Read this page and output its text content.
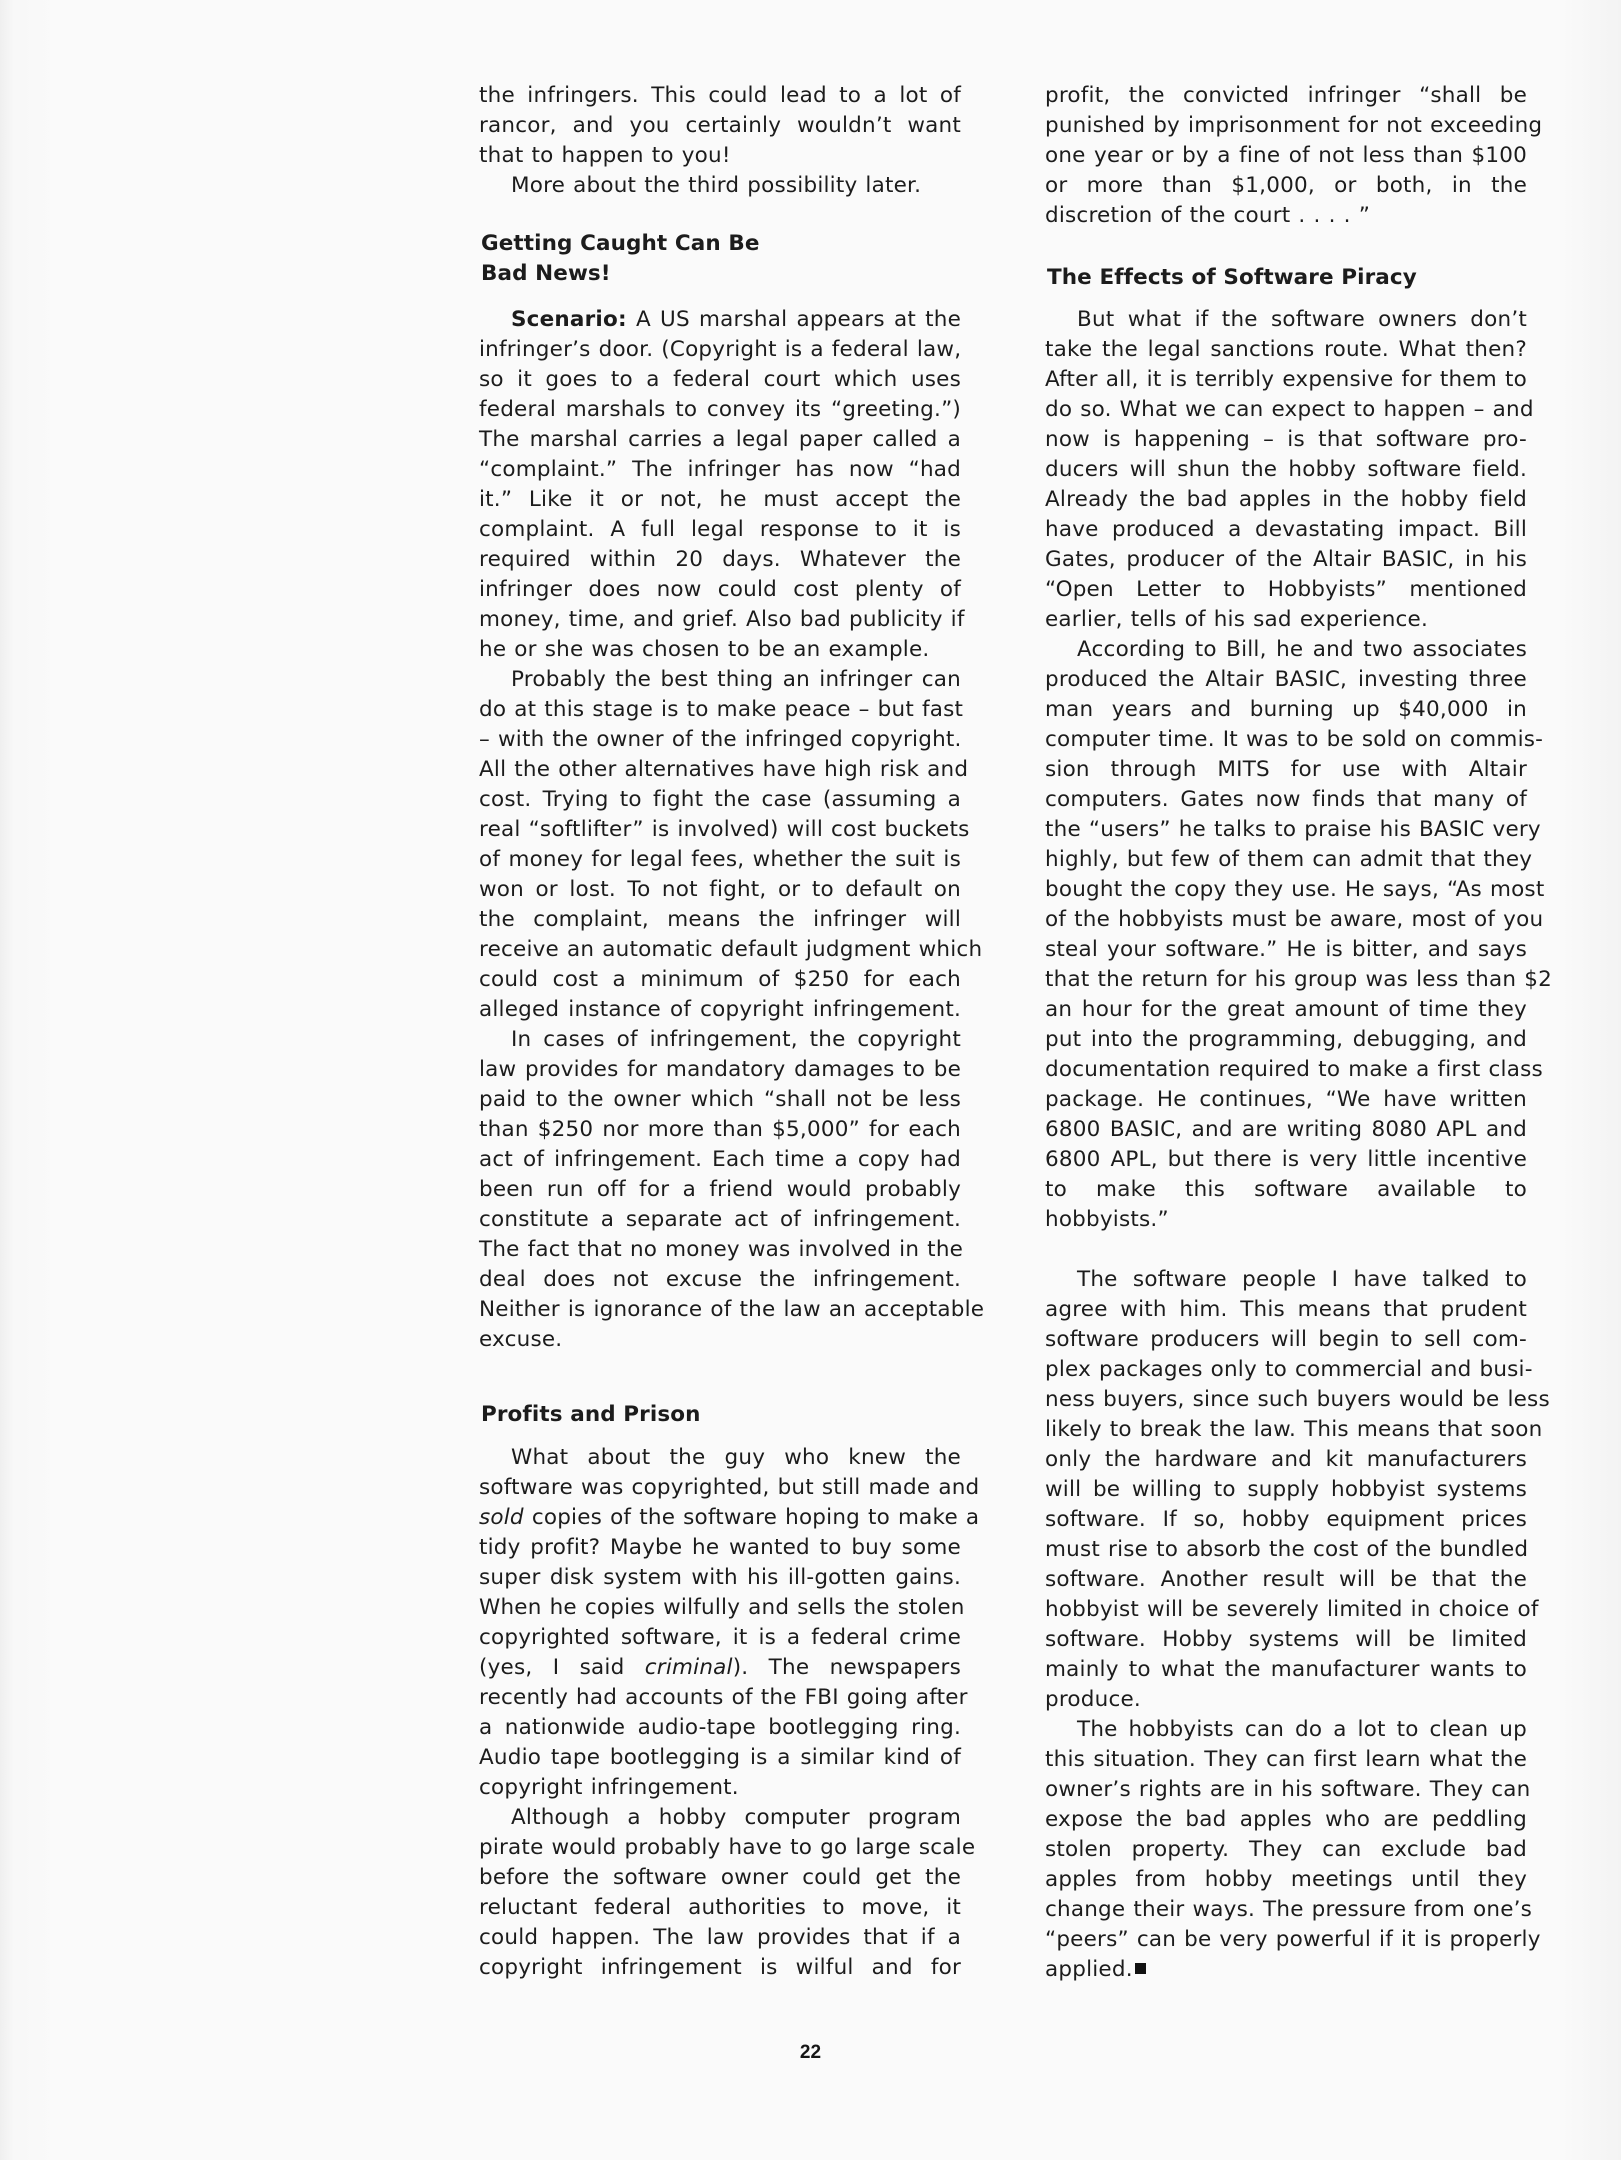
the infringers. This could lead to a lot of
rancor, and you certainly wouldn’t want
that to happen to you!
More about the third possibility later.
Getting Caught Can Be
Bad News!
Scenario: A US marshal appears at the
infringer’s door. (Copyright is a federal law,
so it goes to a federal court which uses
federal marshals to convey its “greeting.”)
The marshal carries a legal paper called a
“complaint.” The infringer has now “had
it.” Like it or not, he must accept the
complaint. A full legal response to it is
required within 20 days. Whatever the
infringer does now could cost plenty of
money, time, and grief. Also bad publicity if
he or she was chosen to be an example.
Probably the best thing an infringer can
do at this stage is to make peace – but fast
– with the owner of the infringed copyright.
All the other alternatives have high risk and
cost. Trying to fight the case (assuming a
real “softlifter” is involved) will cost buckets
of money for legal fees, whether the suit is
won or lost. To not fight, or to default on
the complaint, means the infringer will
receive an automatic default judgment which
could cost a minimum of $250 for each
alleged instance of copyright infringement.
In cases of infringement, the copyright
law provides for mandatory damages to be
paid to the owner which “shall not be less
than $250 nor more than $5,000” for each
act of infringement. Each time a copy had
been run off for a friend would probably
constitute a separate act of infringement.
The fact that no money was involved in the
deal does not excuse the infringement.
Neither is ignorance of the law an acceptable
excuse.
Profits and Prison
What about the guy who knew the
software was copyrighted, but still made and
sold copies of the software hoping to make a
tidy profit? Maybe he wanted to buy some
super disk system with his ill-gotten gains.
When he copies wilfully and sells the stolen
copyrighted software, it is a federal crime
(yes, I said criminal). The newspapers
recently had accounts of the FBI going after
a nationwide audio-tape bootlegging ring.
Audio tape bootlegging is a similar kind of
copyright infringement.
Although a hobby computer program
pirate would probably have to go large scale
before the software owner could get the
reluctant federal authorities to move, it
could happen. The law provides that if a
copyright infringement is wilful and for
profit, the convicted infringer “shall be
punished by imprisonment for not exceeding
one year or by a fine of not less than $100
or more than $1,000, or both, in the
discretion of the court . . . . ”
The Effects of Software Piracy
But what if the software owners don’t
take the legal sanctions route. What then?
After all, it is terribly expensive for them to
do so. What we can expect to happen – and
now is happening – is that software pro-
ducers will shun the hobby software field.
Already the bad apples in the hobby field
have produced a devastating impact. Bill
Gates, producer of the Altair BASIC, in his
“Open Letter to Hobbyists” mentioned
earlier, tells of his sad experience.
According to Bill, he and two associates
produced the Altair BASIC, investing three
man years and burning up $40,000 in
computer time. It was to be sold on commis-
sion through MITS for use with Altair
computers. Gates now finds that many of
the “users” he talks to praise his BASIC very
highly, but few of them can admit that they
bought the copy they use. He says, “As most
of the hobbyists must be aware, most of you
steal your software.” He is bitter, and says
that the return for his group was less than $2
an hour for the great amount of time they
put into the programming, debugging, and
documentation required to make a first class
package. He continues, “We have written
6800 BASIC, and are writing 8080 APL and
6800 APL, but there is very little incentive
to make this software available to
hobbyists.”
The software people I have talked to
agree with him. This means that prudent
software producers will begin to sell com-
plex packages only to commercial and busi-
ness buyers, since such buyers would be less
likely to break the law. This means that soon
only the hardware and kit manufacturers
will be willing to supply hobbyist systems
software. If so, hobby equipment prices
must rise to absorb the cost of the bundled
software. Another result will be that the
hobbyist will be severely limited in choice of
software. Hobby systems will be limited
mainly to what the manufacturer wants to
produce.
The hobbyists can do a lot to clean up
this situation. They can first learn what the
owner’s rights are in his software. They can
expose the bad apples who are peddling
stolen property. They can exclude bad
apples from hobby meetings until they
change their ways. The pressure from one’s
“peers” can be very powerful if it is properly
applied.
22
